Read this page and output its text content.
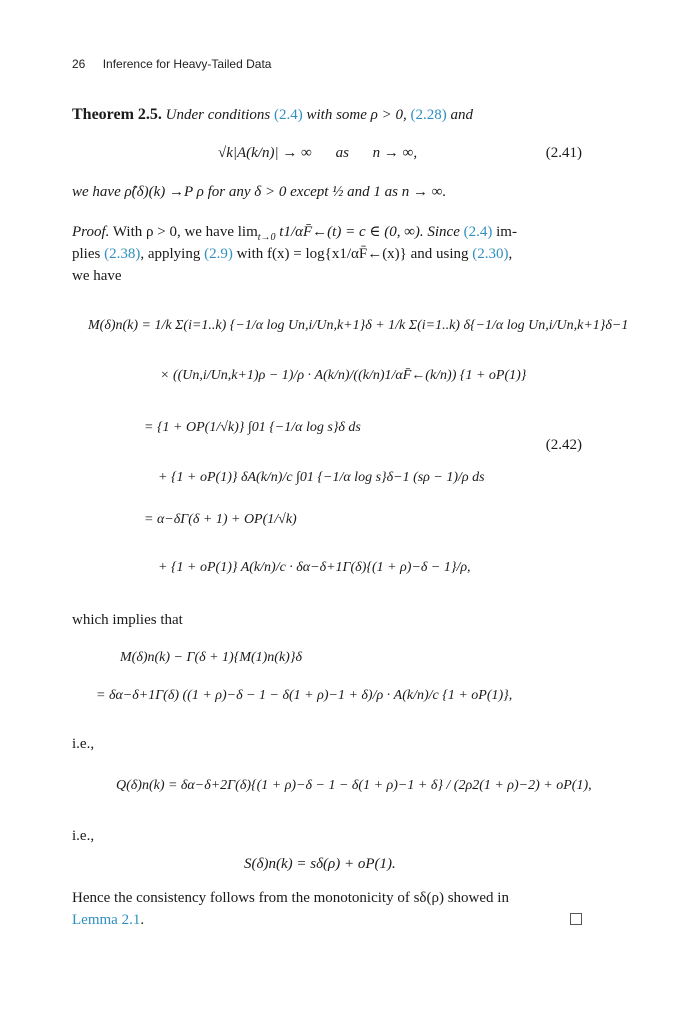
26 Inference for Heavy-Tailed Data
Theorem 2.5. Under conditions (2.4) with some ρ > 0, (2.28) and
√k|A(k/n)| → ∞ as n → ∞,	(2.41)
we have ρ̂(δ)(k) →P ρ for any δ > 0 except ½ and 1 as n → ∞.
Proof. With ρ > 0, we have $\lim_{t\to 0}$ t1/αF̄←(t) = c ∈ (0, ∞). Since (2.4) im-
plies (2.38), applying (2.9) with f(x) = log{x1/αF̄←(x)} and using (2.30),
we have
M(δ)n(k) = 1/k Σ(i=1..k) {−1/α log Un,i/Un,k+1}δ + 1/k Σ(i=1..k) δ{−1/α log Un,i/Un,k+1}δ−1
× ((Un,i/Un,k+1)ρ − 1)/ρ · A(k/n)/((k/n)1/αF̄←(k/n)) {1 + oP(1)}
= {1 + OP(1/√k)} ∫01 {−1/α log s}δ ds
(2.42)
+ {1 + oP(1)} δA(k/n)/c ∫01 {−1/α log s}δ−1 (sρ − 1)/ρ ds
= α−δΓ(δ + 1) + OP(1/√k)
+ {1 + oP(1)} A(k/n)/c · δα−δ+1Γ(δ){(1 + ρ)−δ − 1}/ρ,
which implies that
M(δ)n(k) − Γ(δ + 1){M(1)n(k)}δ
= δα−δ+1Γ(δ) ((1 + ρ)−δ − 1 − δ(1 + ρ)−1 + δ)/ρ · A(k/n)/c {1 + oP(1)},
i.e.,
Q(δ)n(k) = δα−δ+2Γ(δ){(1 + ρ)−δ − 1 − δ(1 + ρ)−1 + δ} / (2ρ2(1 + ρ)−2) + oP(1),
i.e.,
S(δ)n(k) = sδ(ρ) + oP(1).
Hence the consistency follows from the monotonicity of sδ(ρ) showed in
Lemma 2.1.
